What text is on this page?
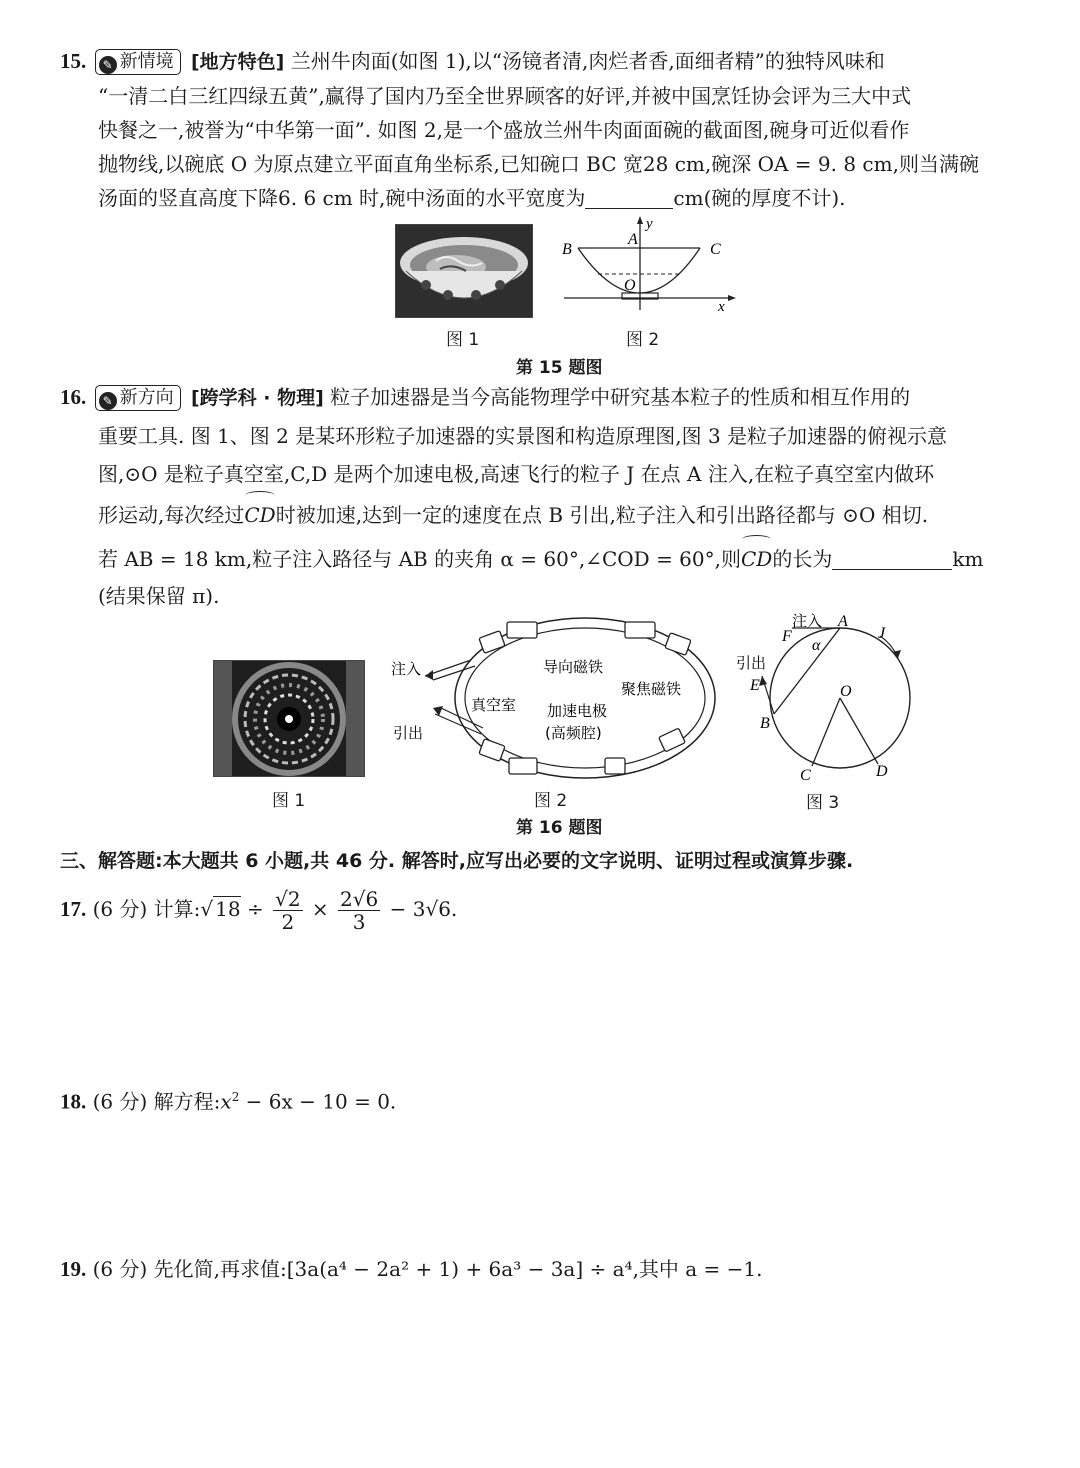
15. ✎ 新情境 [地方特色] 兰州牛肉面(如图 1),以“汤镜者清,肉烂者香,面细者精”的独特风味和
“一清二白三红四绿五黄”,赢得了国内乃至全世界顾客的好评,并被中国烹饪协会评为三大中式
快餐之一,被誉为“中华第一面”. 如图 2,是一个盛放兰州牛肉面面碗的截面图,碗身可近似看作
抛物线,以碗底 O 为原点建立平面直角坐标系,已知碗口 BC 宽28 cm,碗深 OA = 9. 8 cm,则当满碗
汤面的竖直高度下降6. 6 cm 时,碗中汤面的水平宽度为	cm(碗的厚度不计).
B	C
A
O
y
x
图 1	图 2
第 15 题图
16. ✎ 新方向 [跨学科 · 物理] 粒子加速器是当今高能物理学中研究基本粒子的性质和相互作用的
重要工具. 图 1、图 2 是某环形粒子加速器的实景图和构造原理图,图 3 是粒子加速器的俯视示意
图,⊙O 是粒子真空室,C,D 是两个加速电极,高速飞行的粒子 J 在点 A 注入,在粒子真空室内做环
形运动,每次经过CD时被加速,达到一定的速度在点 B 引出,粒子注入和引出路径都与 ⊙O 相切.
若 AB = 18 km,粒子注入路径与 AB 的夹角 α = 60°,∠COD = 60°,则CD的长为	km
(结果保留 π).
注入
引出
真空室
导向磁铁
聚焦磁铁
加速电极
(高频腔)
注入
引出
A
F
α
J
E
B
O
C	D
图 1	图 2	图 3
第 16 题图
三、解答题:本大题共 6 小题,共 46 分. 解答时,应写出必要的文字说明、证明过程或演算步骤.
17. (6 分) 计算:√ $18 \div \frac{√2}{2} \times \frac{2√6}{3} - 3√6$.
18. (6 分) 解方程$:x^2 - 6x - 10 = 0$.
19. (6 分) 先化简,再求值:[3a(a⁴ − 2a² + 1) + 6a³ − 3a] ÷ a⁴,其中 a = −1.
